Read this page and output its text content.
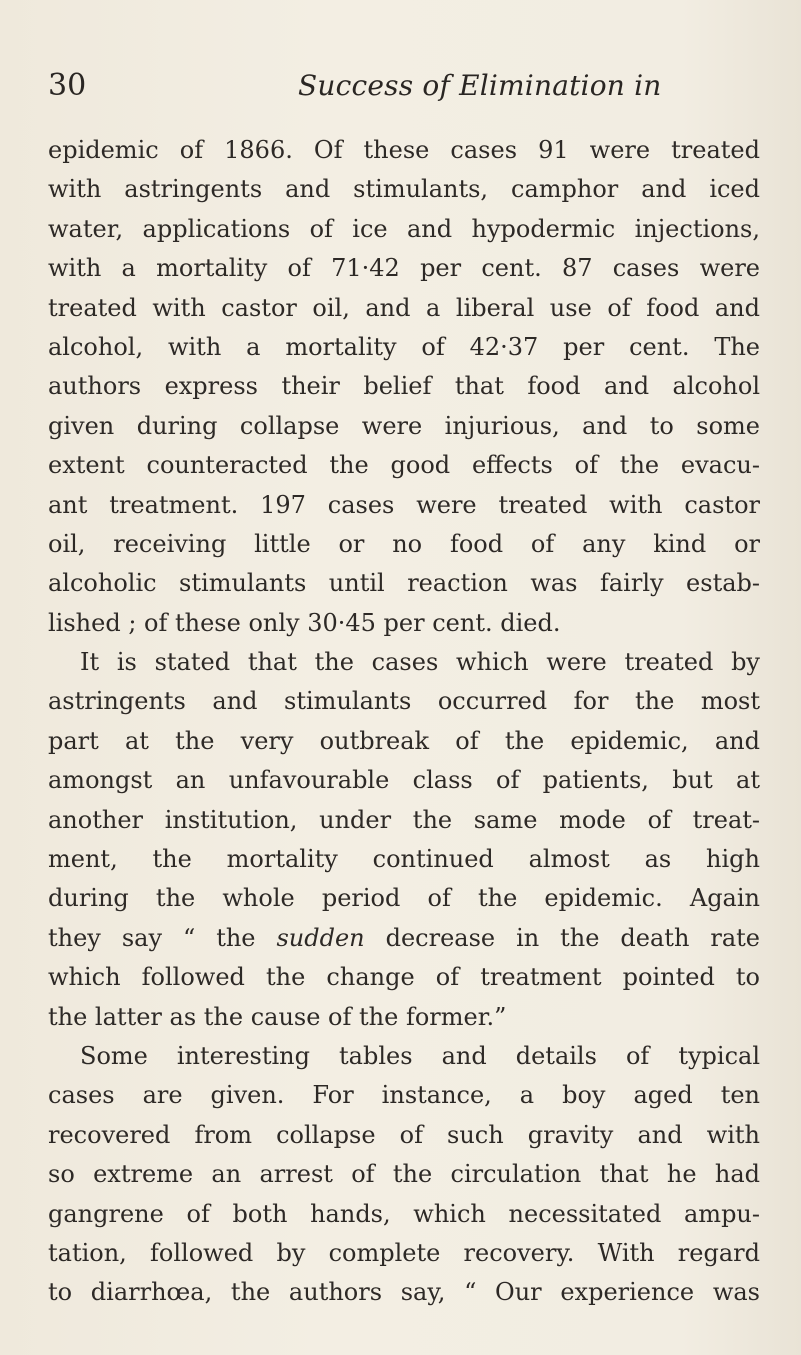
30	Success of Elimination in
epidemic of 1866. Of these cases 91 were treated
with astringents and stimulants, camphor and iced
water, applications of ice and hypodermic injections,
with a mortality of 71·42 per cent. 87 cases were
treated with castor oil, and a liberal use of food and
alcohol, with a mortality of 42·37 per cent. The
authors express their belief that food and alcohol
given during collapse were injurious, and to some
extent counteracted the good effects of the evacu-
ant treatment. 197 cases were treated with castor
oil, receiving little or no food of any kind or
alcoholic stimulants until reaction was fairly estab-
lished ; of these only 30·45 per cent. died.
It is stated that the cases which were treated by
astringents and stimulants occurred for the most
part at the very outbreak of the epidemic, and
amongst an unfavourable class of patients, but at
another institution, under the same mode of treat-
ment, the mortality continued almost as high
during the whole period of the epidemic. Again
they say “ the sudden decrease in the death rate
which followed the change of treatment pointed to
the latter as the cause of the former.”
Some interesting tables and details of typical
cases are given. For instance, a boy aged ten
recovered from collapse of such gravity and with
so extreme an arrest of the circulation that he had
gangrene of both hands, which necessitated ampu-
tation, followed by complete recovery. With regard
to diarrhœa, the authors say, “ Our experience was
